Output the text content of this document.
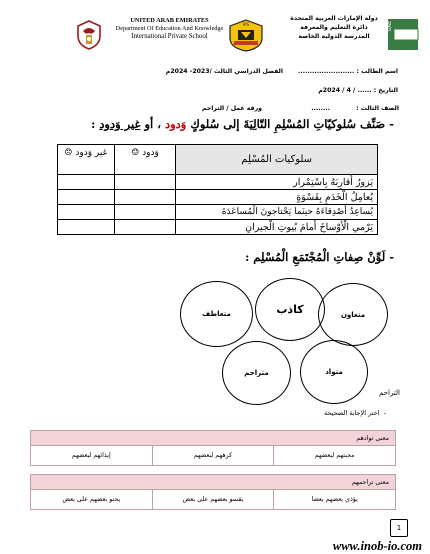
UNITED ARAB EMIRATES
Department Of Education And Knowledge
International Private School
IPS
دولة الإمارات العربية المتحدة
دائرة التعليم والمعرفة
المدرسة الدولية الخاصة
UAE
اسم الطالب : ........................
الفصل الدراسي الثالث /2023- 2024م
التاريخ : ...... / 4 / 2024م
الصف الثالث :
........
ورقة عمل / التراحم
- صَنِّف سُلوكيّاتِ المُسْلِمِ التّالِيَةَ إلى سُلوكٍ وَدود ، أو غير وَدود :
سلوكيات المُسْلِم	وَدود ☺	غير وَدود ☹
يَزورُ أَقارِبَهُ بِاسْتِمْرار		
يُعامِلُ الْخَدَمِ بِقَسْوَةٍ		
يُساعِدُ أَصْدِقاءَهُ حينَما يَحْتاجونَ الْمُساعَدَةَ		
يَرْمي الْأَوْساخَ أَمامَ بُيوتِ الْجيرانِ		
- لَوِّنْ صِفاتِ الْمُجْتَمَعِ الْمُسْلِم :
متعاون
كاذب
متعاطف
متواد
متراحم
التراحم
-  اختر الإجابة الصحيحة
معنى توادهم
محبتهم لبعضهم
كرههم لبعضهم
إيذائهم لبعضهم
معنى تراحمهم
يؤذي بعضهم بعضا
يقسو بعضهم على بعض
يحنو بعضهم على بعض
1
www.inob-io.com
